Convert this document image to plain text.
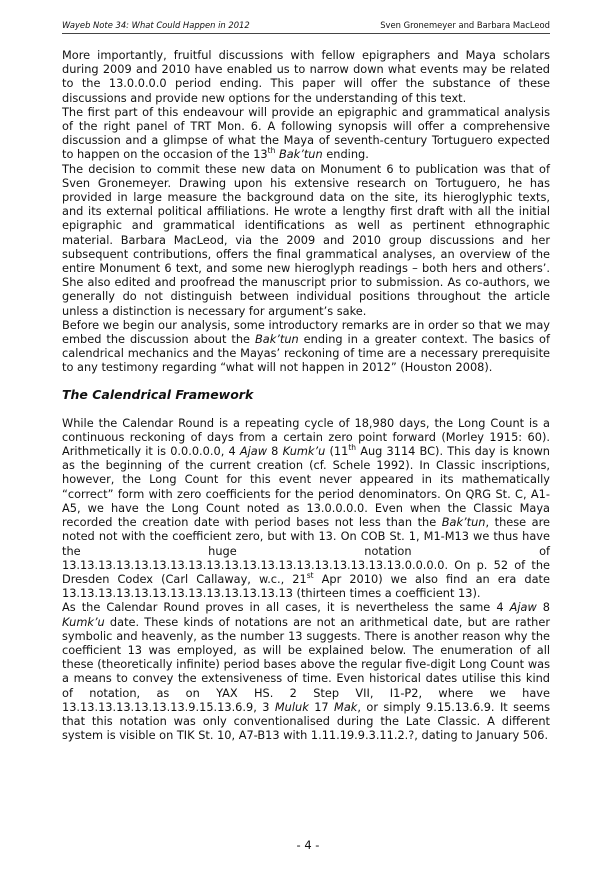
Wayeb Note 34: What Could Happen in 2012	Sven Gronemeyer and Barbara MacLeod

More importantly, fruitful discussions with fellow epigraphers and Maya scholars during 2009 and 2010 have enabled us to narrow down what events may be related to the 13.0.0.0.0 period ending. This paper will offer the substance of these discussions and provide new options for the understanding of this text.

The first part of this endeavour will provide an epigraphic and grammatical analysis of the right panel of TRT Mon. 6. A following synopsis will offer a comprehensive discussion and a glimpse of what the Maya of seventh-century Tortuguero expected to happen on the occasion of the 13th Bak’tun ending.

The decision to commit these new data on Monument 6 to publication was that of Sven Gronemeyer. Drawing upon his extensive research on Tortuguero, he has provided in large measure the background data on the site, its hieroglyphic texts, and its external political affiliations. He wrote a lengthy first draft with all the initial epigraphic and grammatical identifications as well as pertinent ethnographic material. Barbara MacLeod, via the 2009 and 2010 group discussions and her subsequent contributions, offers the final grammatical analyses, an overview of the entire Monument 6 text, and some new hieroglyph readings – both hers and others’. She also edited and proofread the manuscript prior to submission. As co-authors, we generally do not distinguish between individual positions throughout the article unless a distinction is necessary for argument’s sake.

Before we begin our analysis, some introductory remarks are in order so that we may embed the discussion about the Bak’tun ending in a greater context. The basics of calendrical mechanics and the Mayas’ reckoning of time are a necessary prerequisite to any testimony regarding “what will not happen in 2012” (Houston 2008).

The Calendrical Framework

While the Calendar Round is a repeating cycle of 18,980 days, the Long Count is a continuous reckoning of days from a certain zero point forward (Morley 1915: 60). Arithmetically it is 0.0.0.0.0, 4 Ajaw 8 Kumk’u (11th Aug 3114 BC). This day is known as the beginning of the current creation (cf. Schele 1992). In Classic inscriptions, however, the Long Count for this event never appeared in its mathematically “correct” form with zero coefficients for the period denominators. On QRG St. C, A1-A5, we have the Long Count noted as 13.0.0.0.0. Even when the Classic Maya recorded the creation date with period bases not less than the Bak’tun, these are noted not with the coefficient zero, but with 13. On COB St. 1, M1-M13 we thus have the huge notation of 13.13.13.13.13.13.13.13.13.13.13.13.13.13.13.13.13.13.13.0.0.0.0. On p. 52 of the Dresden Codex (Carl Callaway, w.c., 21st Apr 2010) we also find an era date 13.13.13.13.13.13.13.13.13.13.13.13.13 (thirteen times a coefficient 13).

As the Calendar Round proves in all cases, it is nevertheless the same 4 Ajaw 8 Kumk’u date. These kinds of notations are not an arithmetical date, but are rather symbolic and heavenly, as the number 13 suggests. There is another reason why the coefficient 13 was employed, as will be explained below. The enumeration of all these (theoretically infinite) period bases above the regular five-digit Long Count was a means to convey the extensiveness of time. Even historical dates utilise this kind of notation, as on YAX HS. 2 Step VII, I1-P2, where we have 13.13.13.13.13.13.13.9.15.13.6.9, 3 Muluk 17 Mak, or simply 9.15.13.6.9. It seems that this notation was only conventionalised during the Late Classic. A different system is visible on TIK St. 10, A7-B13 with 1.11.19.9.3.11.2.?, dating to January 506.

- 4 -
